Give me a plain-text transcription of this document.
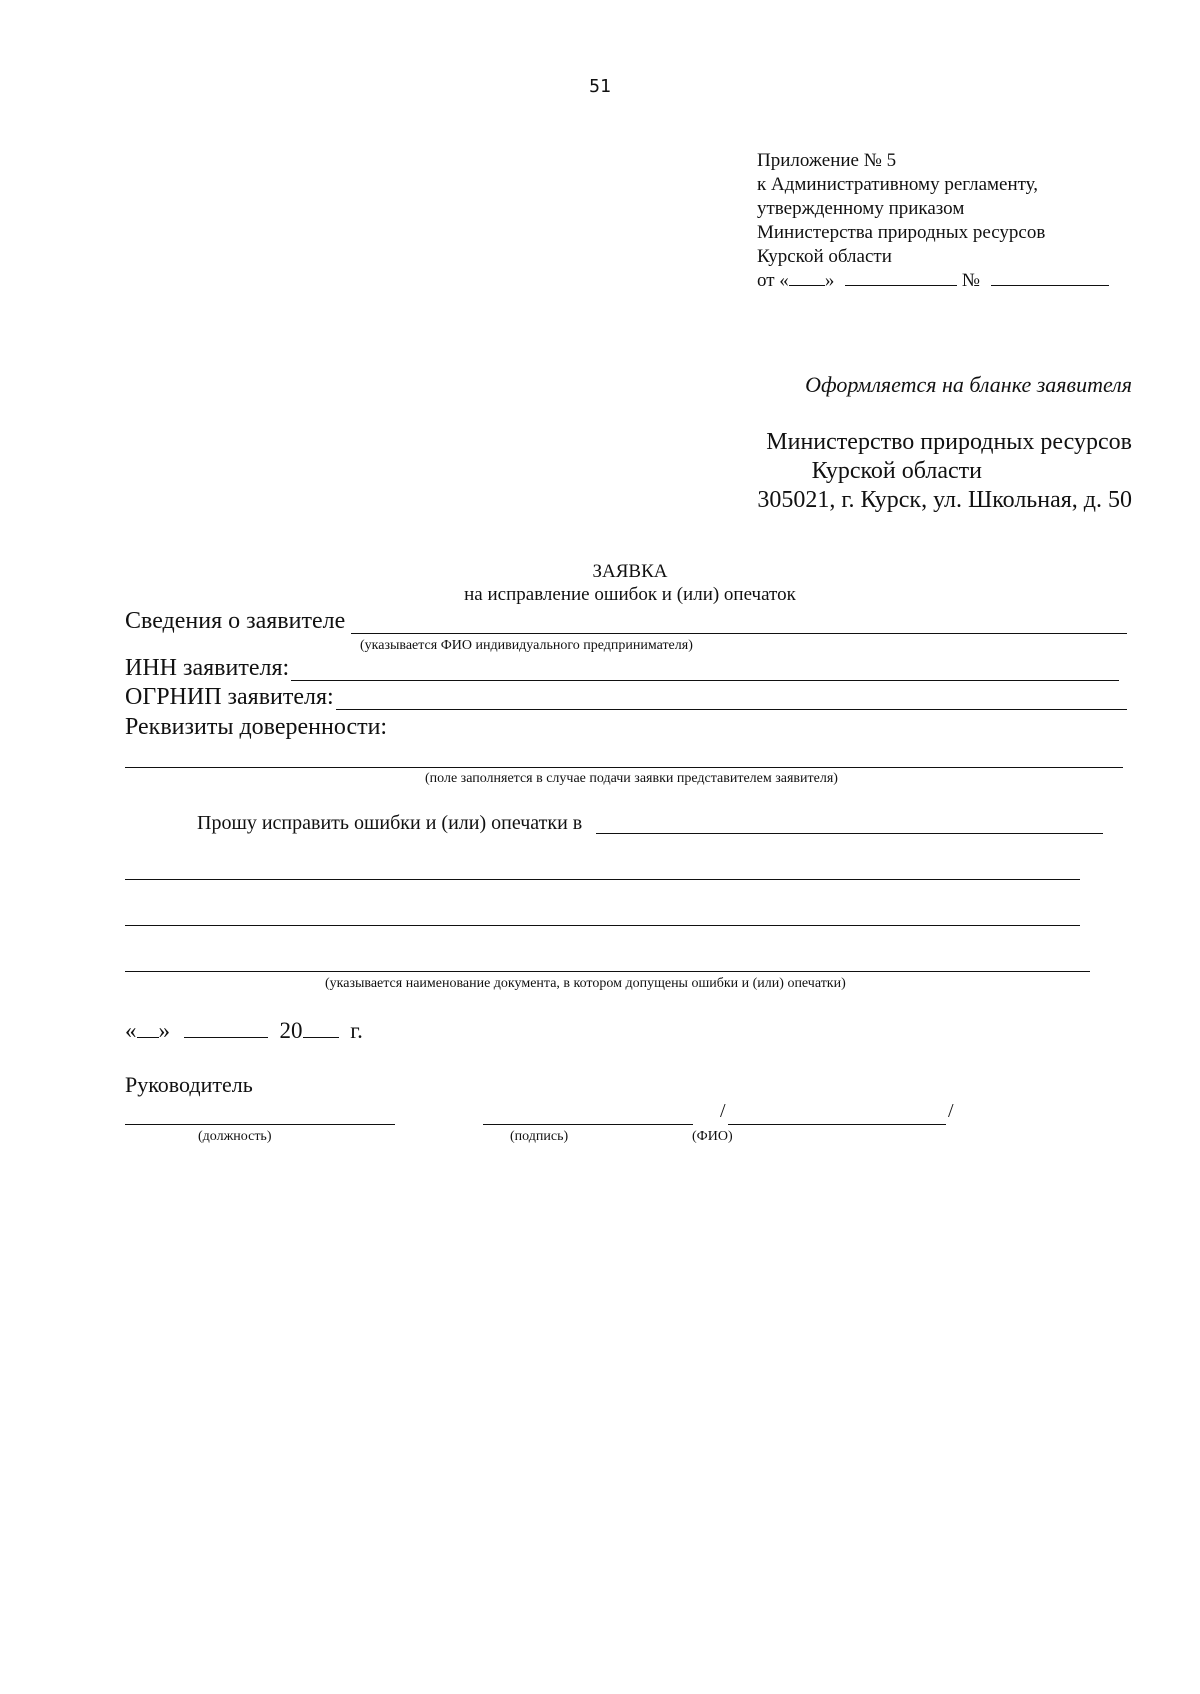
51
Приложение № 5
к Административному регламенту,
утвержденному приказом
Министерства природных ресурсов
Курской области
от « »	№
Оформляется на бланке заявителя
Министерство природных ресурсов
Курской области
305021, г. Курск, ул. Школьная, д. 50
ЗАЯВКА
на исправление ошибок и (или) опечаток
Сведения о заявителе
(указывается ФИО индивидуального предпринимателя)
ИНН заявителя:
ОГРНИП заявителя:
Реквизиты доверенности:
(поле заполняется в случае подачи заявки представителем заявителя)
Прошу исправить ошибки и (или) опечатки в
(указывается наименование документа, в котором допущены ошибки и (или) опечатки)
« »	20 г.
Руководитель
(должность)	(подпись)
/	/
(ФИО)
